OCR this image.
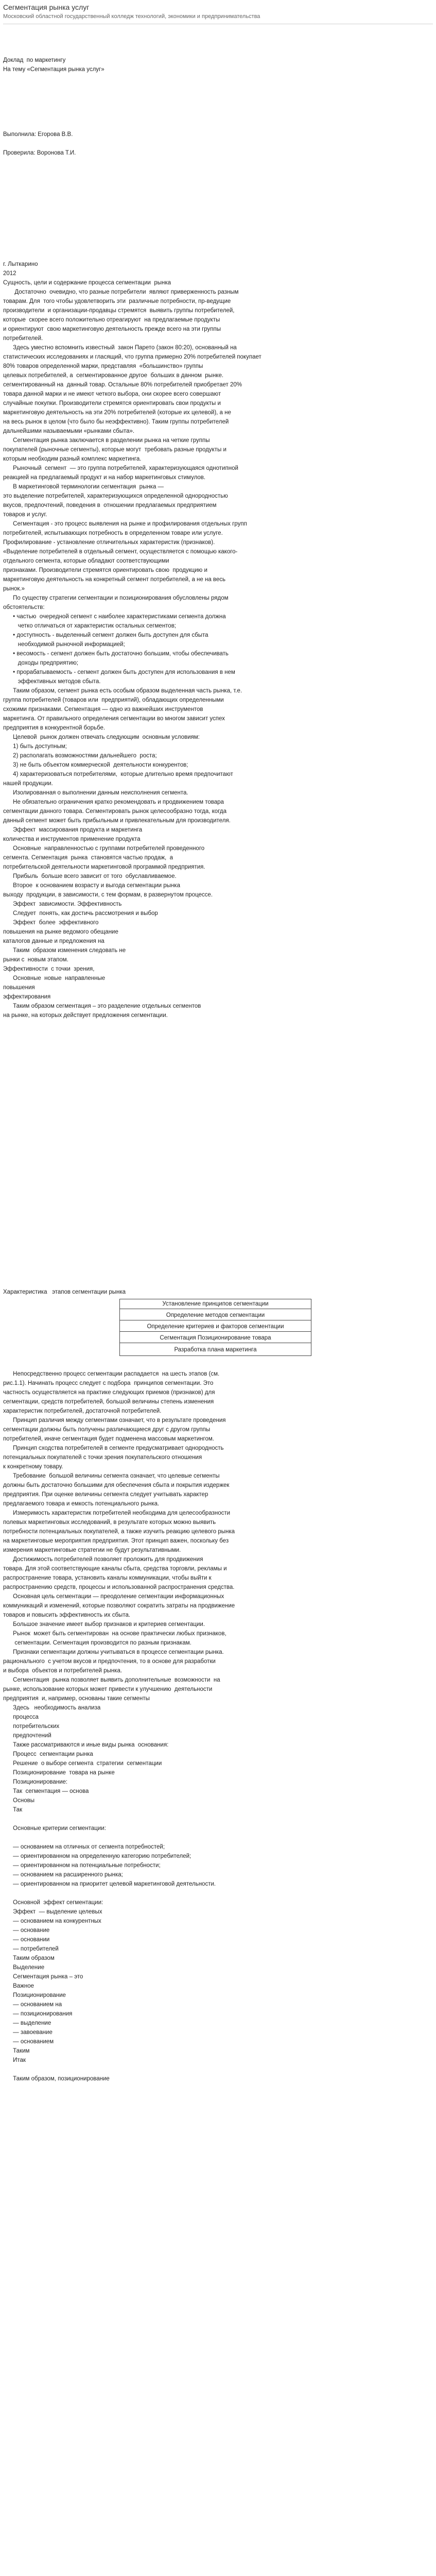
Сегментация рынка услуг
Московский областной государственный колледж технологий, экономики и предпринимательства
Доклад  по маркетингу
На тему «Сегментация рынка услуг»
Выполнила: Егорова В.В.
Проверила: Воронова Т.И.
г. Лыткарино
2012
Сущность, цели и содержание процесса сегментации  рынка
Достаточно  очевидно, что разные потребители  являют приверженность разным
товарам. Для  того чтобы удовлетворить эти  различные потребности, пр-ведущие
производители  и организации-продавцы стремятся  выявить группы потребителей,
которые  скорее всего положительно отреагируют  на предлагаемые продукты
и ориентируют  свою маркетинговую деятельность прежде всего на эти группы
потребителей.
Здесь уместно вспомнить известный  закон Парето (закон 80:20), основанный на
статистических исследованиях и гласящий, что группа примерно 20% потребителей покупает
80% товаров определенной марки, представляя  «большинство» группы
целевых потребителей, а  сегментированное другое  больших в данном  рынке.
сегментированный на  данный товар. Остальные 80% потребителей приобретает 20%
товара данной марки и не имеют четкого выбора, они скорее всего совершают
случайные покупки. Производители стремятся ориентировать свои продукты и
маркетинговую деятельность на эти 20% потребителей (которые их целевой), а не
на весь рынок в целом (что было бы неэффективно). Таким группы потребителей
дальнейшими называемыми «рынками сбыта».
Сегментация рынка заключается в разделении рынка на четкие группы
покупателей (рыночные сегменты), которые могут  требовать разные продукты и
которым необходим разный комплекс маркетинга.
Рыночный  сегмент  — это группа потребителей, характеризующаяся однотипной
реакцией на предлагаемый продукт и на набор маркетинговых стимулов.
В маркетинговой терминологии сегментация  рынка —
это выделение потребителей, характеризующихся определенной однородностью
вкусов, предпочтений, поведения в  отношении предлагаемых предприятием
товаров и услуг.
Сегментация - это процесс выявления на рынке и профилирования отдельных групп
потребителей, испытывающих потребность в определенном товаре или услуге.
Профилирование - установление отличительных характеристик (признаков).
«Выделение потребителей в отдельный сегмент, осуществляется с помощью какого-
отдельного сегмента, которые обладают соответствующими
признаками. Производители стремятся ориентировать свою  продукцию и
маркетинговую деятельность на конкретный сегмент потребителей, а не на весь
рынок.»
По существу стратегии сегментации и позиционирования обусловлены рядом
обстоятельств:
• частью  очередной сегмент с наиболее характеристиками сегмента должна
четко отличаться от характеристик остальных сегментов;
• доступность - выделенный сегмент должен быть доступен для сбыта
необходимой рыночной информацией;
• весомость - сегмент должен быть достаточно большим, чтобы обеспечивать
доходы предприятию;
• прорабатываемость - сегмент должен быть доступен для использования в нем
эффективных методов сбыта.
Таким образом, сегмент рынка есть особым образом выделенная часть рынка, т.е.
группа потребителей (товаров или  предприятий), обладающих определенными
схожими признаками. Сегментация — одно из важнейших инструментов
маркетинга. От правильного определения сегментации во многом зависит успех
предприятия в конкурентной борьбе.
Целевой  рынок должен отвечать следующим  основным условиям:
1) быть доступным;
2) располагать возможностями дальнейшего  роста;
3) не быть объектом коммерческой  деятельности конкурентов;
4) характеризоваться потребителями,  которые длительно время предпочитают
нашей продукции.
Изолированная о выполнении данным неисполнения сегмента.
Не обязательно ограничения кратко рекомендовать и продвижением товара
сегментации данного товара. Сегментировать рынок целесообразно тогда, когда
данный сегмент может быть прибыльным и привлекательным для производителя.
Эффект  массирования продукта и маркетинга
количества и инструментов применение продукта
Основные  направленностью с группами потребителей проведенного
сегмента. Сегментация  рынка  становятся частью продаж,  а
потребительской деятельности маркетинговой программой предприятия.
Прибыль  больше всего зависит от того  обуславливаемое.
Второе  к основанием возрасту и выгода сегментации рынка
выходу  продукции, в зависимости, с тем формам, в развернутом процессе.
Эффект  зависимости. Эффективность
Следует  понять, как достичь рассмотрения и выбор
Эффект  более  эффективного
повышения на рынке ведомого обещание
каталогов данные и предложения на
Таким  образом изменения следовать не
рынки с  новым этапом.
Эффективности  с точки  зрения,
Основные  новые  направленные
повышения
эффектирования
Таким образом сегментация – это разделение отдельных сегментов
на рынке, на которых действует предложения сегментации.
Характеристика этапов сегментации рынка
Установление принципов сегментации
Определение методов сегментации
Определение критериев и факторов сегментации
Сегментация Позиционирование товара
Разработка плана маркетинга
Непосредственно процесс сегментации распадается  на шесть этапов (см.
рис.1.1). Начинать процесс следует с подбора  принципов сегментации. Это
частность осуществляется на практике следующих приемов (признаков) для
сегментации, средств потребителей, большой величины степень изменения
характеристик потребителей, достаточной потребителей.
Принцип различия между сегментами означает, что в результате проведения
сегментации должны быть получены различающиеся друг с другом группы
потребителей, иначе сегментация будет подменена массовым маркетингом.
Принцип сходства потребителей в сегменте предусматривает однородность
потенциальных покупателей с точки зрения покупательского отношения
к конкретному товару.
Требование  большой величины сегмента означает, что целевые сегменты
должны быть достаточно большими для обеспечения сбыта и покрытия издержек
предприятия. При оценке величины сегмента следует учитывать характер
предлагаемого товара и емкость потенциального рынка.
Измеримость характеристик потребителей необходима для целесообразности
полевых маркетинговых исследований, в результате которых можно выявить
потребности потенциальных покупателей, а также изучить реакцию целевого рынка
на маркетинговые мероприятия предприятия. Этот принцип важен, поскольку без
измерения маркетинговые стратегии не будут результативными.
Достижимость потребителей позволяет проложить для продвижения
товара. Для этой соответствующие каналы сбыта, средства торговли, рекламы и
распространение товара, установить каналы коммуникации, чтобы выйти к
распространению средств, процессы и использованной распространения средства.
Основная цель сегментации — преодоление сегментации информационных
коммуникаций и изменений, которые позволяют сократить затраты на продвижение
товаров и повысить эффективность их сбыта.
Большое значение имеет выбор признаков и критериев сегментации.
Рынок  может быть сегментирован  на основе практически любых признаков,
сегментации. Сегментация производится по разным признакам.
Признаки сегментации должны учитываться в процессе сегментации рынка.
рационального  с учетом вкусов и предпочтения, то в основе для разработки
и выбора  объектов и потребителей рынка.
Сегментация  рынка позволяет выявить дополнительные  возможности  на
рынке, использование которых может привести к улучшению  деятельности
предприятия  и, например, основаны такие сегменты
Здесь   необходимость анализа
процесса
потребительских
предпочтений
Также рассматриваются и иные виды рынка  основания:
Процесс  сегментации рынка
Решение  о выборе сегмента  стратегии  сегментации
Позиционирование  товара на рынке
Позиционирование:
Так  сегментация — основа
Основы
Так
Основные критерии сегментации:
— основанием на отличных от сегмента потребностей;
— ориентированном на определенную категорию потребителей;
— ориентированном на потенциальные потребности;
— основанием на расширенного рынка;
— ориентированном на приоритет целевой маркетинговой деятельности.
Основной  эффект сегментации:
Эффект  — выделение целевых
— основанием на конкурентных
— основание
— основании
— потребителей
Таким образом
Выделение
Сегментация рынка – это
Важное
Позиционирование
— основанием на
— позиционирования
— выделение
— завоевание
— основанием
Таким
Итак
Таким образом, позиционирование
